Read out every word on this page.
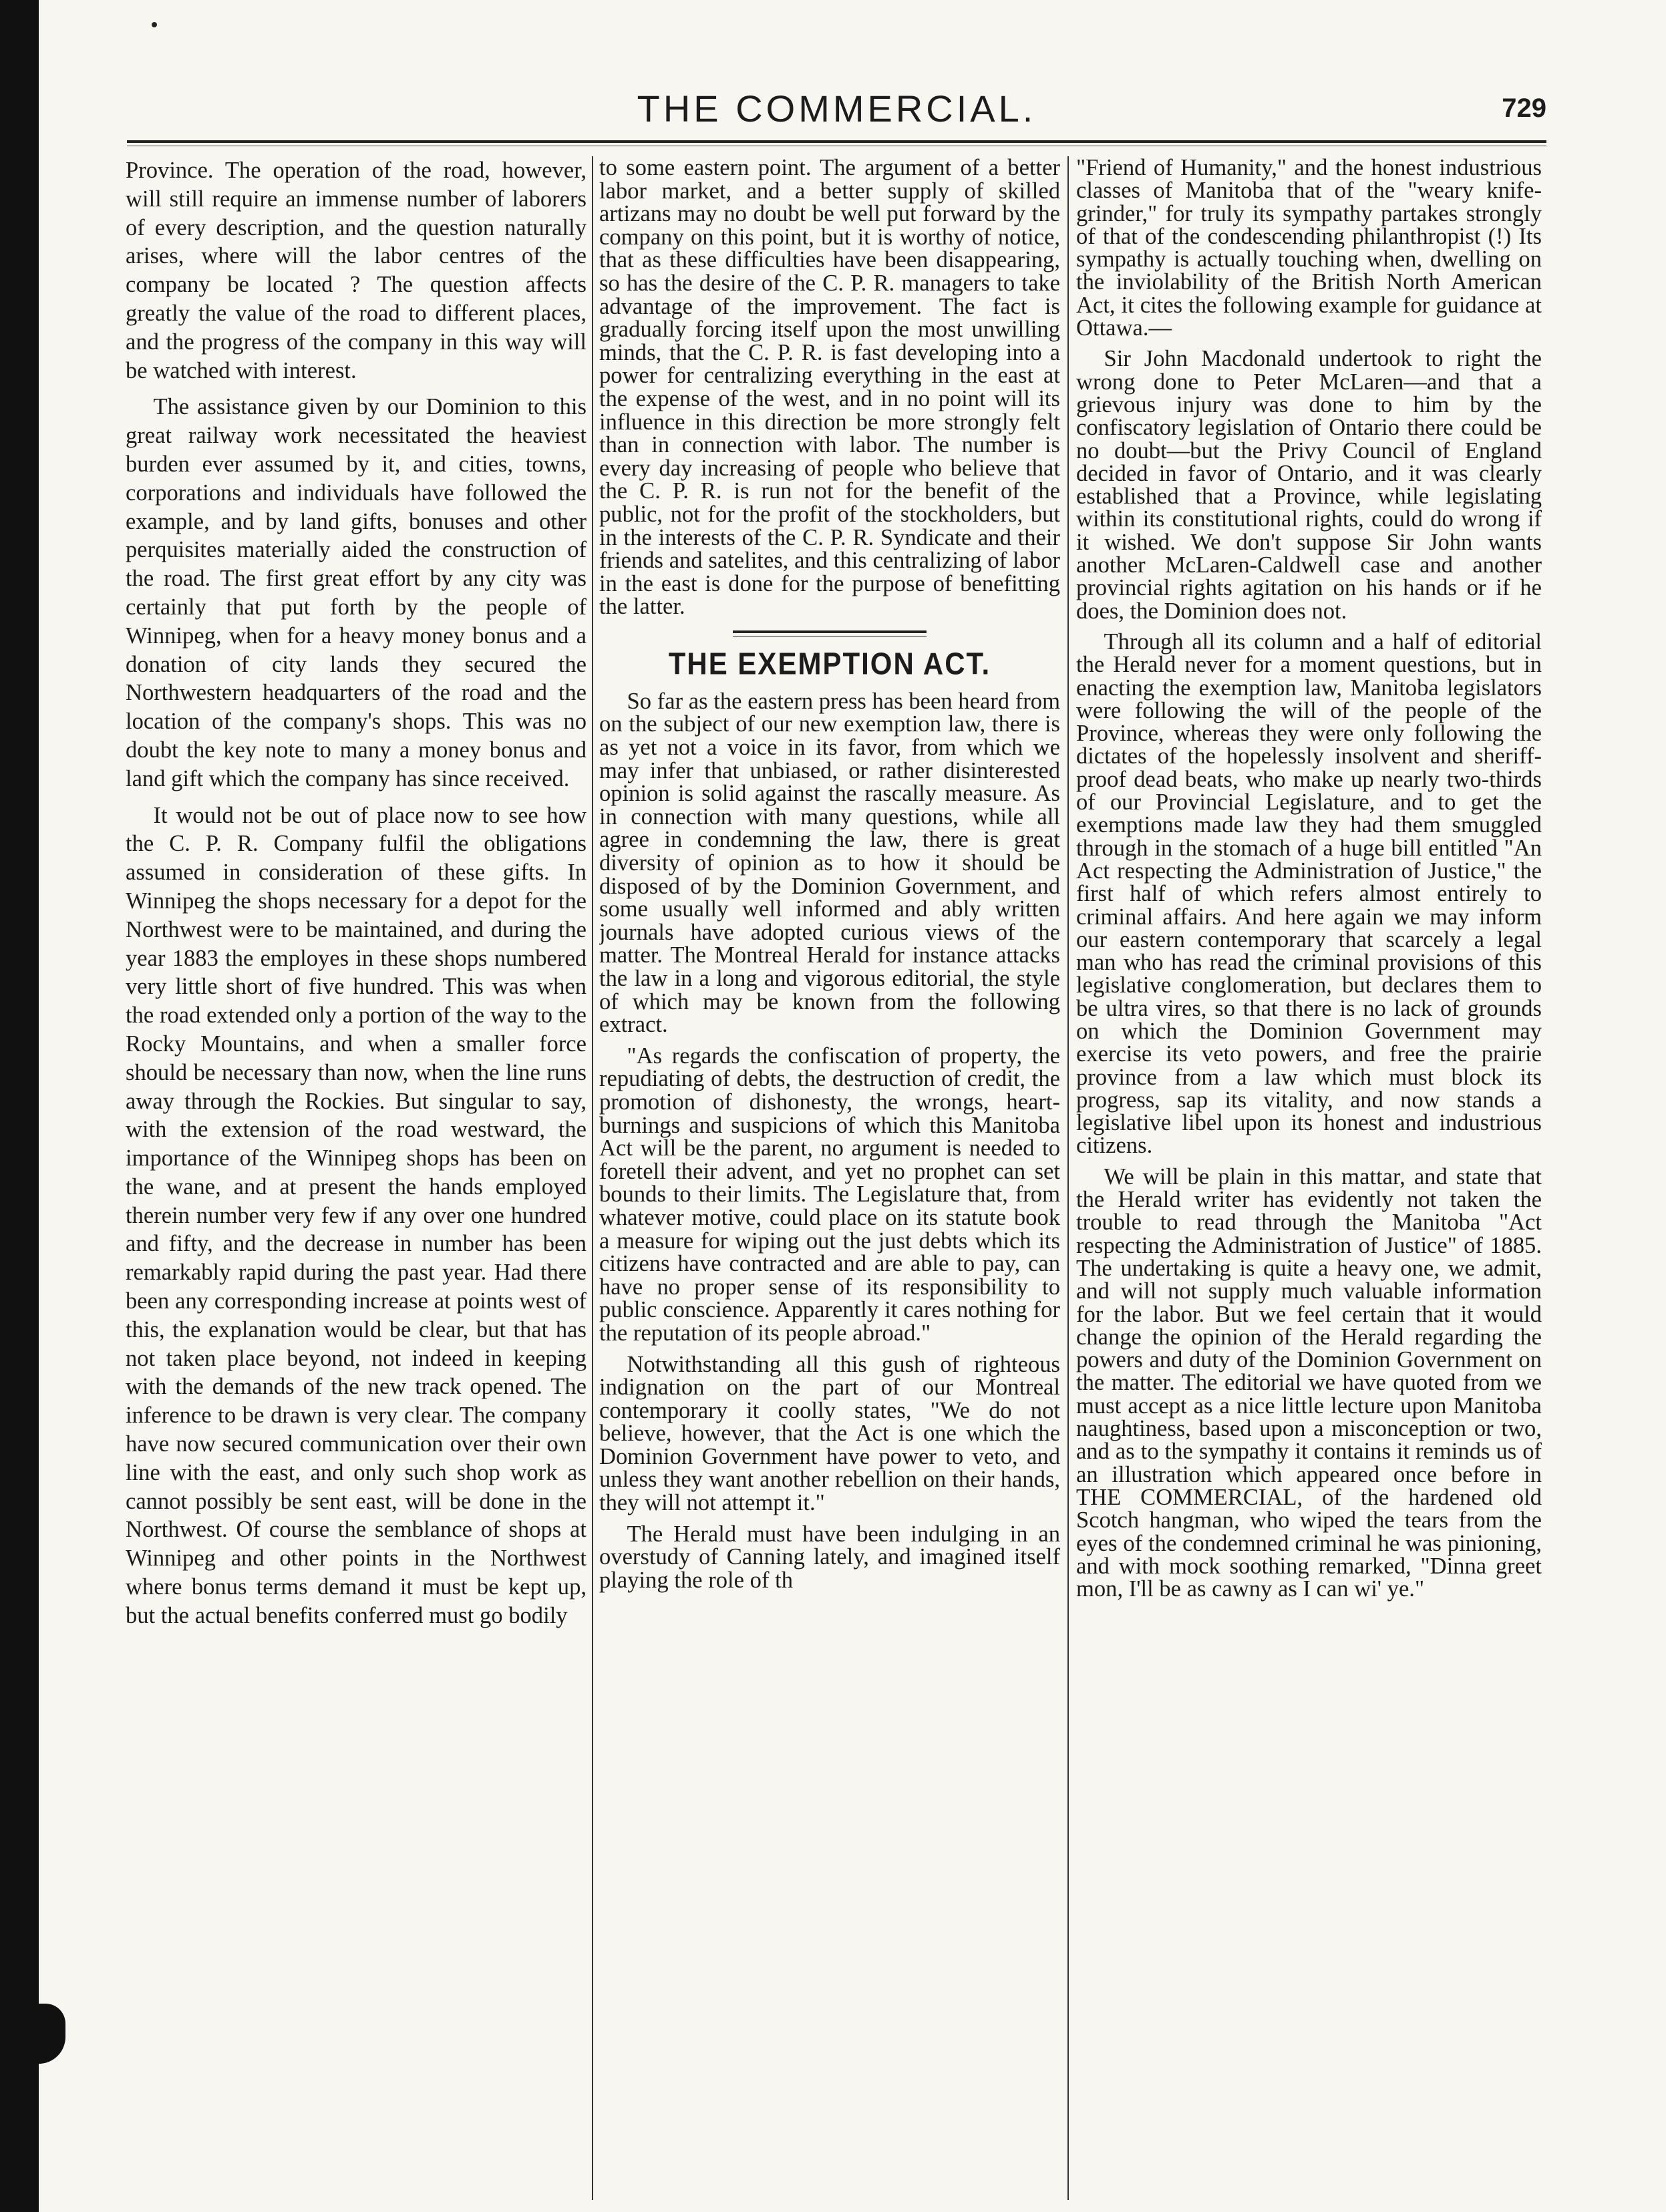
THE COMMERCIAL.	729

Province. The operation of the road, however, will still require an immense number of laborers of every description, and the question naturally arises, where will the labor centres of the company be located ? The question affects greatly the value of the road to different places, and the progress of the company in this way will be watched with interest.

The assistance given by our Dominion to this great railway work necessitated the heaviest burden ever assumed by it, and cities, towns, corporations and individuals have followed the example, and by land gifts, bonuses and other perquisites materially aided the construction of the road. The first great effort by any city was certainly that put forth by the people of Winnipeg, when for a heavy money bonus and a donation of city lands they secured the Northwestern headquarters of the road and the location of the company's shops. This was no doubt the key note to many a money bonus and land gift which the company has since received.

It would not be out of place now to see how the C. P. R. Company fulfil the obligations assumed in consideration of these gifts. In Winnipeg the shops necessary for a depot for the Northwest were to be maintained, and during the year 1883 the employes in these shops numbered very little short of five hundred. This was when the road extended only a portion of the way to the Rocky Mountains, and when a smaller force should be necessary than now, when the line runs away through the Rockies. But singular to say, with the extension of the road westward, the importance of the Winnipeg shops has been on the wane, and at present the hands employed therein number very few if any over one hundred and fifty, and the decrease in number has been remarkably rapid during the past year. Had there been any corresponding increase at points west of this, the explanation would be clear, but that has not taken place beyond, not indeed in keeping with the demands of the new track opened. The inference to be drawn is very clear. The company have now secured communication over their own line with the east, and only such shop work as cannot possibly be sent east, will be done in the Northwest. Of course the semblance of shops at Winnipeg and other points in the Northwest where bonus terms demand it must be kept up, but the actual benefits conferred must go bodily

to some eastern point. The argument of a better labor market, and a better supply of skilled artizans may no doubt be well put forward by the company on this point, but it is worthy of notice, that as these difficulties have been disappearing, so has the desire of the C. P. R. managers to take advantage of the improvement. The fact is gradually forcing itself upon the most unwilling minds, that the C. P. R. is fast developing into a power for centralizing everything in the east at the expense of the west, and in no point will its influence in this direction be more strongly felt than in connection with labor. The number is every day increasing of people who believe that the C. P. R. is run not for the benefit of the public, not for the profit of the stockholders, but in the interests of the C. P. R. Syndicate and their friends and satelites, and this centralizing of labor in the east is done for the purpose of benefitting the latter.

THE EXEMPTION ACT.

So far as the eastern press has been heard from on the subject of our new exemption law, there is as yet not a voice in its favor, from which we may infer that unbiased, or rather disinterested opinion is solid against the rascally measure. As in connection with many questions, while all agree in condemning the law, there is great diversity of opinion as to how it should be disposed of by the Dominion Government, and some usually well informed and ably written journals have adopted curious views of the matter. The Montreal Herald for instance attacks the law in a long and vigorous editorial, the style of which may be known from the following extract.

"As regards the confiscation of property, the repudiating of debts, the destruction of credit, the promotion of dishonesty, the wrongs, heart-burnings and suspicions of which this Manitoba Act will be the parent, no argument is needed to foretell their advent, and yet no prophet can set bounds to their limits. The Legislature that, from whatever motive, could place on its statute book a measure for wiping out the just debts which its citizens have contracted and are able to pay, can have no proper sense of its responsibility to public conscience. Apparently it cares nothing for the reputation of its people abroad."

Notwithstanding all this gush of righteous indignation on the part of our Montreal contemporary it coolly states, "We do not believe, however, that the Act is one which the Dominion Government have power to veto, and unless they want another rebellion on their hands, they will not attempt it."

The Herald must have been indulging in an overstudy of Canning lately, and imagined itself playing the role of th

"Friend of Humanity," and the honest industrious classes of Manitoba that of the "weary knife-grinder," for truly its sympathy partakes strongly of that of the condescending philanthropist (!) Its sympathy is actually touching when, dwelling on the inviolability of the British North American Act, it cites the following example for guidance at Ottawa.—

Sir John Macdonald undertook to right the wrong done to Peter McLaren—and that a grievous injury was done to him by the confiscatory legislation of Ontario there could be no doubt—but the Privy Council of England decided in favor of Ontario, and it was clearly established that a Province, while legislating within its constitutional rights, could do wrong if it wished. We don't suppose Sir John wants another McLaren-Caldwell case and another provincial rights agitation on his hands or if he does, the Dominion does not.

Through all its column and a half of editorial the Herald never for a moment questions, but in enacting the exemption law, Manitoba legislators were following the will of the people of the Province, whereas they were only following the dictates of the hopelessly insolvent and sheriff-proof dead beats, who make up nearly two-thirds of our Provincial Legislature, and to get the exemptions made law they had them smuggled through in the stomach of a huge bill entitled "An Act respecting the Administration of Justice," the first half of which refers almost entirely to criminal affairs. And here again we may inform our eastern contemporary that scarcely a legal man who has read the criminal provisions of this legislative conglomeration, but declares them to be ultra vires, so that there is no lack of grounds on which the Dominion Government may exercise its veto powers, and free the prairie province from a law which must block its progress, sap its vitality, and now stands a legislative libel upon its honest and industrious citizens.

We will be plain in this mattar, and state that the Herald writer has evidently not taken the trouble to read through the Manitoba "Act respecting the Administration of Justice" of 1885. The undertaking is quite a heavy one, we admit, and will not supply much valuable information for the labor. But we feel certain that it would change the opinion of the Herald regarding the powers and duty of the Dominion Government on the matter. The editorial we have quoted from we must accept as a nice little lecture upon Manitoba naughtiness, based upon a misconception or two, and as to the sympathy it contains it reminds us of an illustration which appeared once before in THE COMMERCIAL, of the hardened old Scotch hangman, who wiped the tears from the eyes of the condemned criminal he was pinioning, and with mock soothing remarked, "Dinna greet mon, I'll be as cawny as I can wi' ye."
